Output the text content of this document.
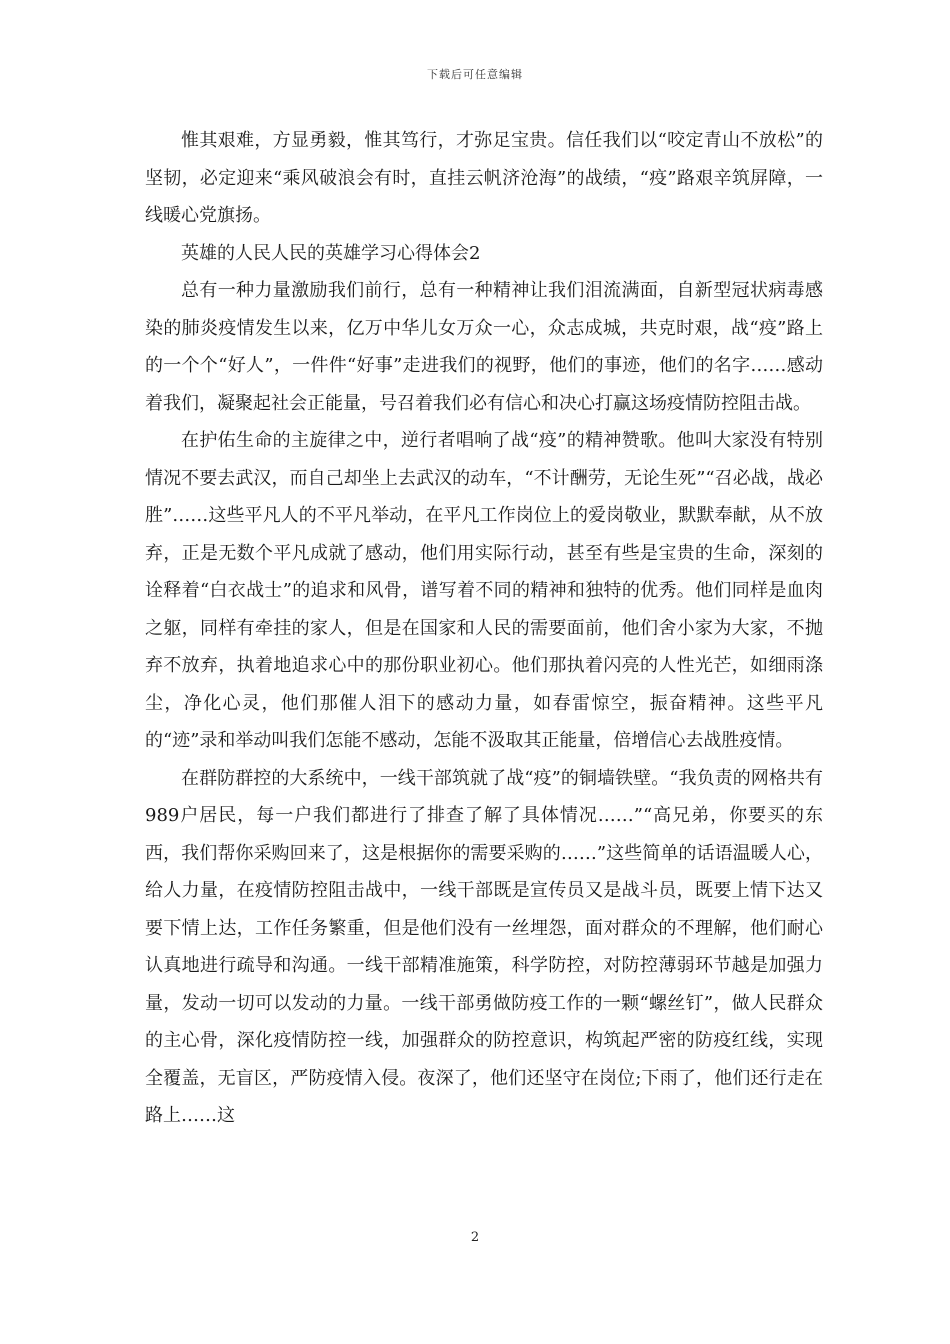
下载后可任意编辑

惟其艰难，方显勇毅，惟其笃行，才弥足宝贵。信任我们以“咬定青山不放松”的坚韧，必定迎来“乘风破浪会有时，直挂云帆济沧海”的战绩，“疫”路艰辛筑屏障，一线暖心党旗扬。

英雄的人民人民的英雄学习心得体会2

总有一种力量激励我们前行，总有一种精神让我们泪流满面，自新型冠状病毒感染的肺炎疫情发生以来，亿万中华儿女万众一心，众志成城，共克时艰，战“疫”路上的一个个“好人”，一件件“好事”走进我们的视野，他们的事迹，他们的名字……感动着我们，凝聚起社会正能量，号召着我们必有信心和决心打赢这场疫情防控阻击战。

在护佑生命的主旋律之中，逆行者唱响了战“疫”的精神赞歌。他叫大家没有特别情况不要去武汉，而自己却坐上去武汉的动车，“不计酬劳，无论生死”“召必战，战必胜”……这些平凡人的不平凡举动，在平凡工作岗位上的爱岗敬业，默默奉献，从不放弃，正是无数个平凡成就了感动，他们用实际行动，甚至有些是宝贵的生命，深刻的诠释着“白衣战士”的追求和风骨，谱写着不同的精神和独特的优秀。他们同样是血肉之躯，同样有牵挂的家人，但是在国家和人民的需要面前，他们舍小家为大家，不抛弃不放弃，执着地追求心中的那份职业初心。他们那执着闪亮的人性光芒，如细雨涤尘，净化心灵，他们那催人泪下的感动力量，如春雷惊空，振奋精神。这些平凡的“迹”录和举动叫我们怎能不感动，怎能不汲取其正能量，倍增信心去战胜疫情。

在群防群控的大系统中，一线干部筑就了战“疫”的铜墙铁壁。“我负责的网格共有989户居民，每一户我们都进行了排查了解了具体情况……”“高兄弟，你要买的东西，我们帮你采购回来了，这是根据你的需要采购的……”这些简单的话语温暖人心，给人力量，在疫情防控阻击战中，一线干部既是宣传员又是战斗员，既要上情下达又要下情上达，工作任务繁重，但是他们没有一丝埋怨，面对群众的不理解，他们耐心认真地进行疏导和沟通。一线干部精准施策，科学防控，对防控薄弱环节越是加强力量，发动一切可以发动的力量。一线干部勇做防疫工作的一颗“螺丝钉”，做人民群众的主心骨，深化疫情防控一线，加强群众的防控意识，构筑起严密的防疫红线，实现全覆盖，无盲区，严防疫情入侵。夜深了，他们还坚守在岗位;下雨了，他们还行走在路上……这

2
